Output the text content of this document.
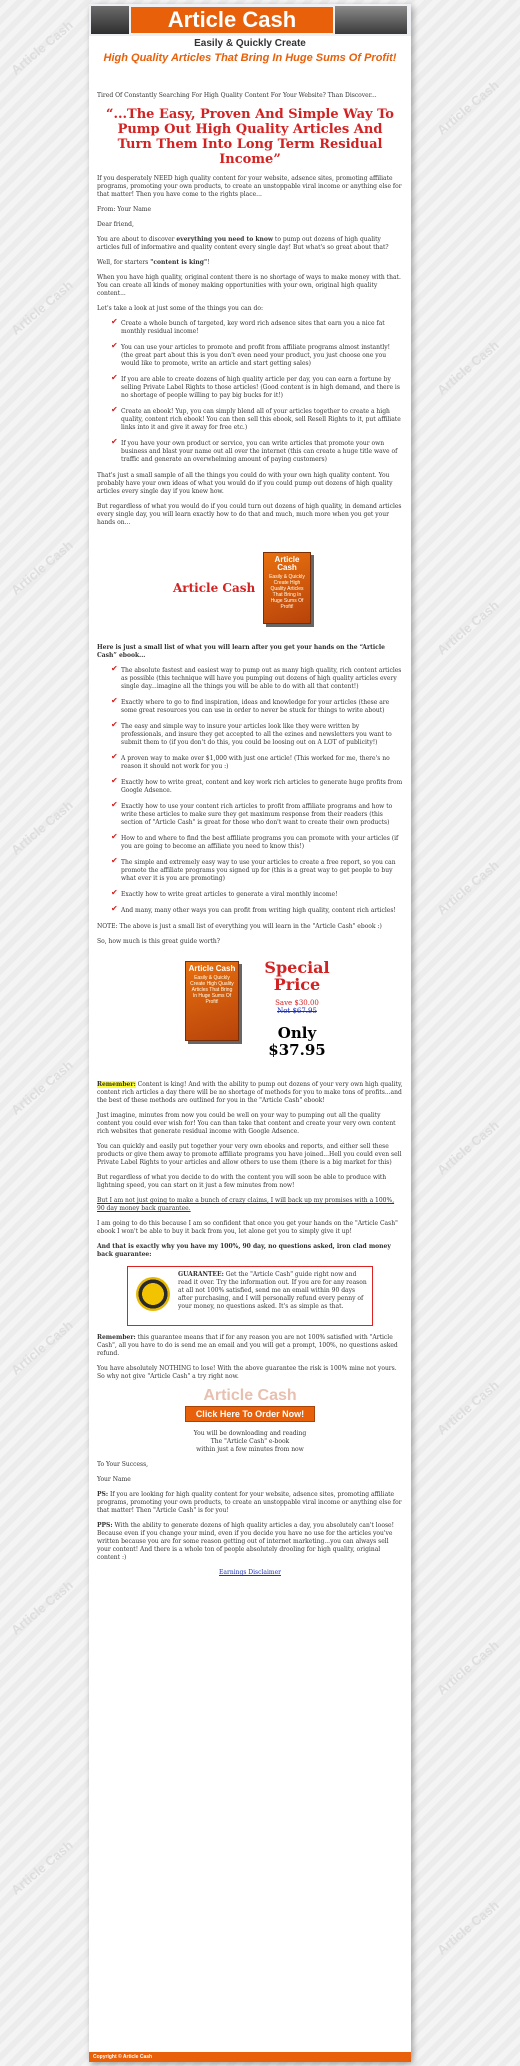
Article Cash
Article Cash
Article Cash
Article Cash
Article Cash
Article Cash
Article Cash
Article Cash
Article Cash
Article Cash
Article Cash
Article Cash
Article Cash
Article Cash
Article Cash
Article Cash
Article Cash
Easily & Quickly Create
High Quality Articles That Bring In Huge Sums Of Profit!

Tired Of Constantly Searching For High Quality Content For Your Website? Than Discover...

“...The Easy, Proven And Simple Way To Pump Out High Quality Articles And Turn Them Into Long Term Residual Income”

If you desperately NEED high quality content for your website, adsence sites, promoting affiliate programs, promoting your own products, to create an unstoppable viral income or anything else for that matter! Then you have come to the rights place...

From: Your Name

Dear friend,

You are about to discover everything you need to know to pump out dozens of high quality articles full of informative and quality content every single day! But what's so great about that?

Well, for starters "content is king"!

When you have high quality, original content there is no shortage of ways to make money with that. You can create all kinds of money making opportunities with your own, original high quality content...

Let's take a look at just some of the things you can do:

✔ Create a whole bunch of targeted, key word rich adsence sites that earn you a nice fat monthly residual income!
✔ You can use your articles to promote and profit from affiliate programs almost instantly! (the great part about this is you don't even need your product, you just choose one you would like to promote, write an article and start getting sales)
✔ If you are able to create dozens of high quality article per day, you can earn a fortune by selling Private Label Rights to those articles! (Good content is in high demand, and there is no shortage of people willing to pay big bucks for it!)
✔ Create an ebook! Yup, you can simply blend all of your articles together to create a high quality, content rich ebook! You can then sell this ebook, sell Resell Rights to it, put affiliate links into it and give it away for free etc.)
✔ If you have your own product or service, you can write articles that promote your own business and blast your name out all over the internet (this can create a huge title wave of traffic and generate an overwhelming amount of paying customers)

That's just a small sample of all the things you could do with your own high quality content. You probably have your own ideas of what you would do if you could pump out dozens of high quality articles every single day if you knew how.

But regardless of what you would do if you could turn out dozens of high quality, in demand articles every single day, you will learn exactly how to do that and much, much more when you get your hands on...

Article Cash
Article Cash
Easily & Quickly Create High Quality Articles That Bring In Huge Sums Of Profit!

Here is just a small list of what you will learn after you get your hands on the “Article Cash” ebook...

✔ The absolute fastest and easiest way to pump out as many high quality, rich content articles as possible (this technique will have you pumping out dozens of high quality articles every single day...imagine all the things you will be able to do with all that content!)
✔ Exactly where to go to find inspiration, ideas and knowledge for your articles (these are some great resources you can use in order to never be stuck for things to write about)
✔ The easy and simple way to insure your articles look like they were written by professionals, and insure they get accepted to all the ezines and newsletters you want to submit them to (if you don't do this, you could be loosing out on A LOT of publicity!)
✔ A proven way to make over $1,000 with just one article! (This worked for me, there's no reason it should not work for you :)
✔ Exactly how to write great, content and key work rich articles to generate huge profits from Google Adsence.
✔ Exactly how to use your content rich articles to profit from affiliate programs and how to write these articles to make sure they get maximum response from their readers (this section of "Article Cash" is great for those who don't want to create their own products)
✔ How to and where to find the best affiliate programs you can promote with your articles (if you are going to become an affiliate you need to know this!)
✔ The simple and extremely easy way to use your articles to create a free report, so you can promote the affiliate programs you signed up for (this is a great way to get people to buy what ever it is you are promoting)
✔ Exactly how to write great articles to generate a viral monthly income!
✔ And many, many other ways you can profit from writing high quality, content rich articles!

NOTE: The above is just a small list of everything you will learn in the "Article Cash" ebook :)

So, how much is this great guide worth?

Article Cash
Easily & Quickly Create High Quality Articles That Bring In Huge Sums Of Profit!
Special Price
Save $30.00
Not $67.95
Only
$37.95

Remember: Content is king! And with the ability to pump out dozens of your very own high quality, content rich articles a day there will be no shortage of methods for you to make tons of profits...and the best of these methods are outlined for you in the "Article Cash" ebook!

Just imagine, minutes from now you could be well on your way to pumping out all the quality content you could ever wish for! You can than take that content and create your very own content rich websites that generate residual income with Google Adsence.

You can quickly and easily put together your very own ebooks and reports, and either sell these products or give them away to promote affiliate programs you have joined...Hell you could even sell Private Label Rights to your articles and allow others to use them (there is a big market for this)

But regardless of what you decide to do with the content you will soon be able to produce with lightning speed, you can start on it just a few minutes from now!

But I am not just going to make a bunch of crazy claims, I will back up my promises with a 100%, 90 day money back guarantee.

I am going to do this because I am so confident that once you get your hands on the "Article Cash" ebook I won't be able to buy it back from you, let alone get you to simply give it up!

And that is exactly why you have my 100%, 90 day, no questions asked, iron clad money back guarantee:

GUARANTEE: Get the "Article Cash" guide right now and read it over. Try the information out. If you are for any reason at all not 100% satisfied, send me an email within 90 days after purchasing, and I will personally refund every penny of your money, no questions asked. It's as simple as that.

Remember: this guarantee means that if for any reason you are not 100% satisfied with "Article Cash", all you have to do is send me an email and you will get a prompt, 100%, no questions asked refund.

You have absolutely NOTHING to lose! With the above guarantee the risk is 100% mine not yours. So why not give "Article Cash" a try right now.

Article Cash
Click Here To Order Now!

You will be downloading and reading
The "Article Cash" e-book
within just a few minutes from now

To Your Success,

Your Name

PS: If you are looking for high quality content for your website, adsence sites, promoting affiliate programs, promoting your own products, to create an unstoppable viral income or anything else for that matter! Then "Article Cash" is for you!

PPS: With the ability to generate dozens of high quality articles a day, you absolutely can't loose! Because even if you change your mind, even if you decide you have no use for the articles you've written because you are for some reason getting out of internet marketing...you can always sell your content! And there is a whole ton of people absolutely drooling for high quality, original content :)

Earnings Disclaimer

Copyright © Article Cash
